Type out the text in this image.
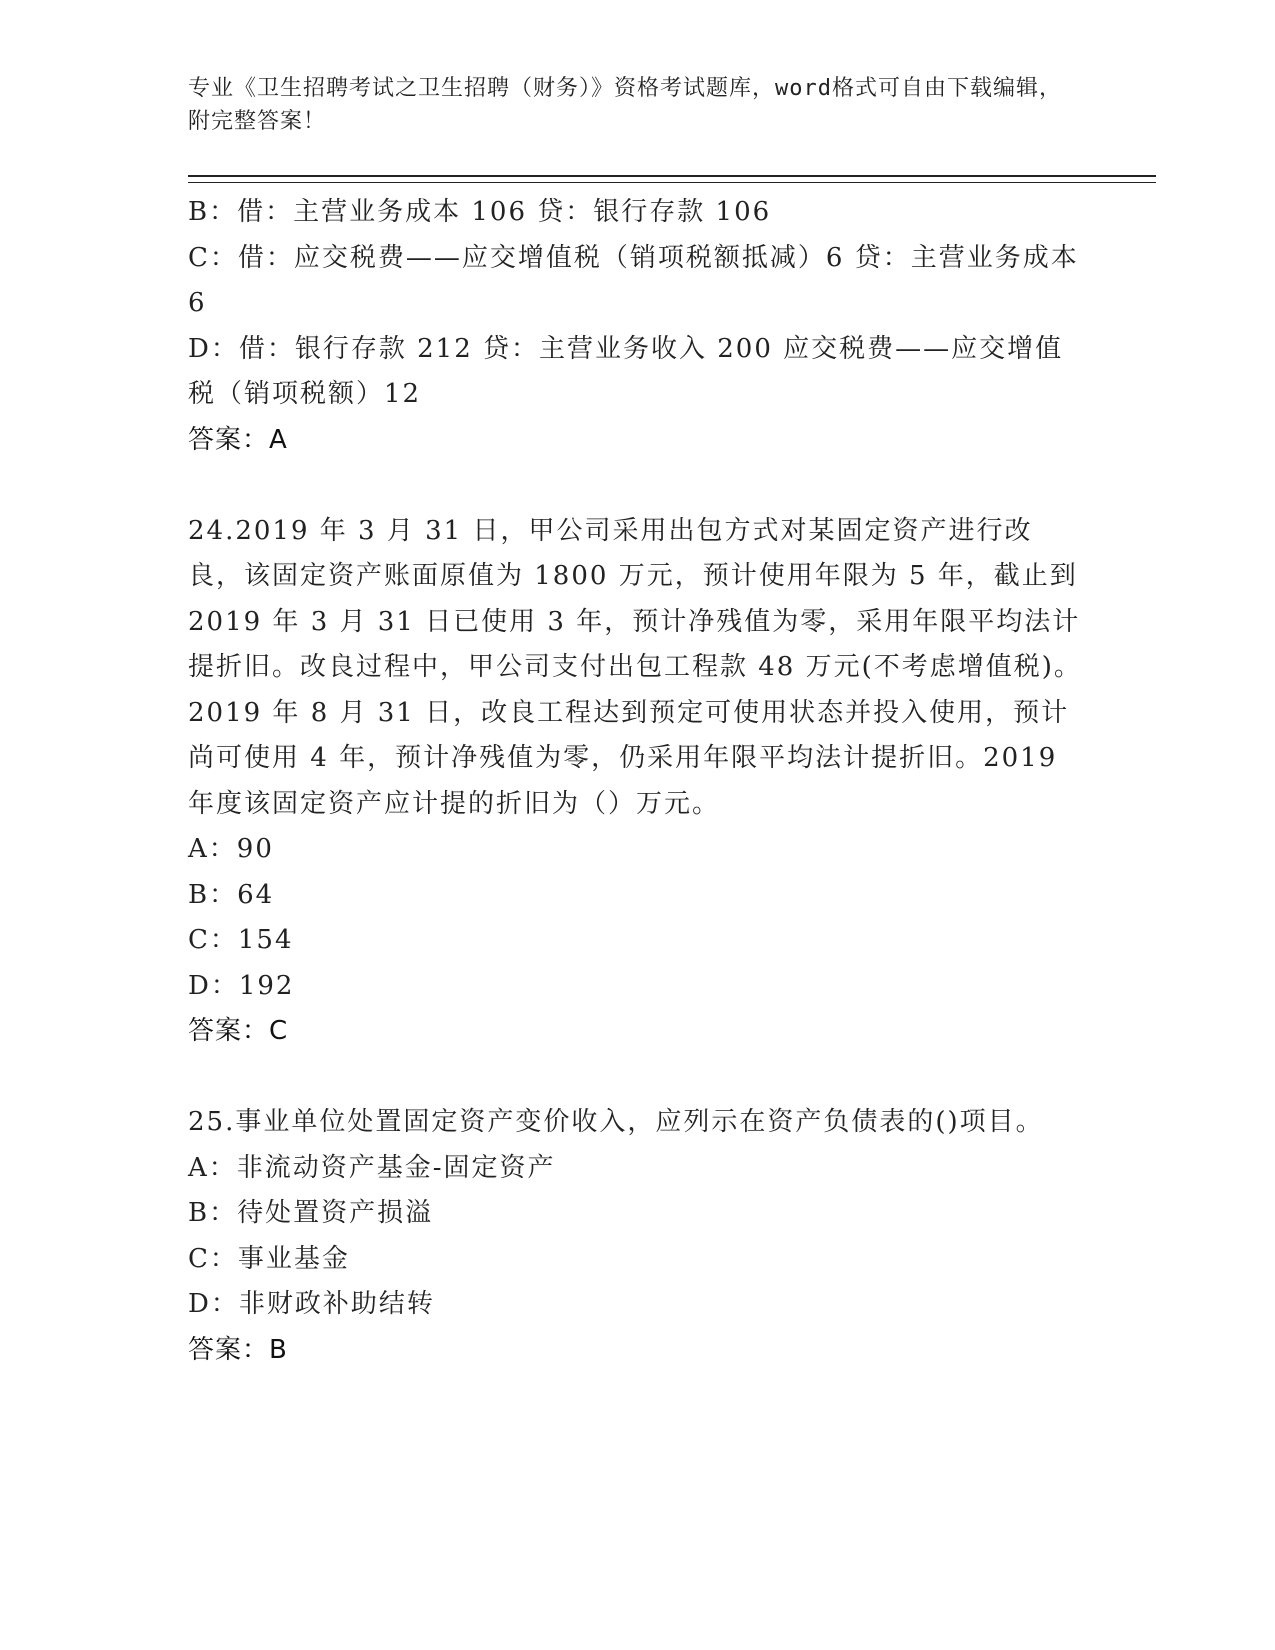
专业《卫生招聘考试之卫生招聘（财务）》资格考试题库，word格式可自由下载编辑，附完整答案！
B：借：主营业务成本 106 贷：银行存款 106
C：借：应交税费——应交增值税（销项税额抵减）6 贷：主营业务成本 6
D：借：银行存款 212 贷：主营业务收入 200 应交税费——应交增值税（销项税额）12
答案：A
24.2019 年 3 月 31 日，甲公司采用出包方式对某固定资产进行改良，该固定资产账面原值为 1800 万元，预计使用年限为 5 年，截止到 2019 年 3 月 31 日已使用 3 年，预计净残值为零，采用年限平均法计提折旧。改良过程中，甲公司支付出包工程款 48 万元(不考虑增值税)。2019 年 8 月 31 日，改良工程达到预定可使用状态并投入使用，预计尚可使用 4 年，预计净残值为零，仍采用年限平均法计提折旧。2019 年度该固定资产应计提的折旧为（）万元。
A：90
B：64
C：154
D：192
答案：C
25.事业单位处置固定资产变价收入，应列示在资产负债表的()项目。
A：非流动资产基金-固定资产
B：待处置资产损溢
C：事业基金
D：非财政补助结转
答案：B
